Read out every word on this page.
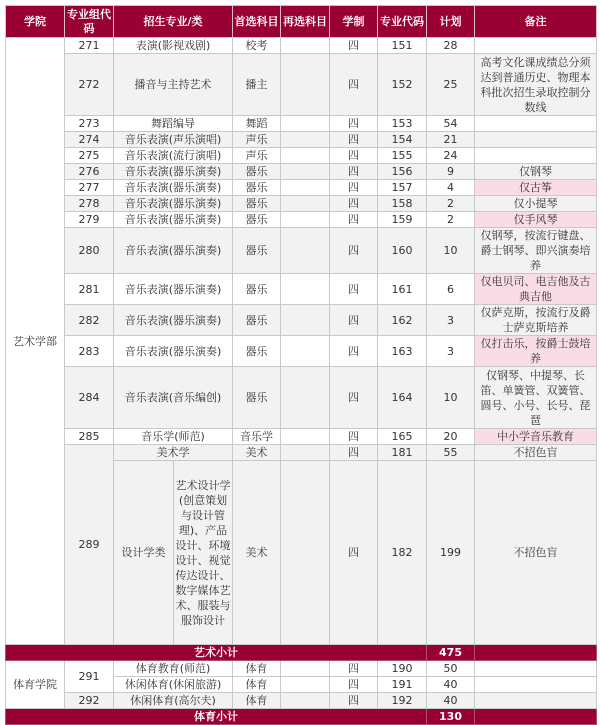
学院	专业组代码	招生专业/类		首选科目	再选科目	学制	专业代码	计划	备注
艺术学部	271	表演(影视戏剧)		校考		四	151	28	
	272	播音与主持艺术		播主		四	152	25	高考文化课成绩总分须达到普通历史、物理本科批次招生录取控制分数线
	273	舞蹈编导		舞蹈		四	153	54	
	274	音乐表演(声乐演唱)		声乐		四	154	21	
	275	音乐表演(流行演唱)		声乐		四	155	24	
	276	音乐表演(器乐演奏)		器乐		四	156	9	仅钢琴
	277	音乐表演(器乐演奏)		器乐		四	157	4	仅古筝
	278	音乐表演(器乐演奏)		器乐		四	158	2	仅小提琴
	279	音乐表演(器乐演奏)		器乐		四	159	2	仅手风琴
	280	音乐表演(器乐演奏)		器乐		四	160	10	仅钢琴，按流行键盘、爵士钢琴、即兴演奏培养
	281	音乐表演(器乐演奏)		器乐		四	161	6	仅电贝司、电吉他及古典吉他
	282	音乐表演(器乐演奏)		器乐		四	162	3	仅萨克斯，按流行及爵士萨克斯培养
	283	音乐表演(器乐演奏)		器乐		四	163	3	仅打击乐，按爵士鼓培养
	284	音乐表演(音乐编创)		器乐		四	164	10	仅钢琴、中提琴、长笛、单簧管、双簧管、圆号、小号、长号、琵琶
	285	音乐学(师范)		音乐学		四	165	20	中小学音乐教育
	289	美术学		美术		四	181	55	不招色盲
		设计学类	艺术设计学(创意策划与设计管理)、产品设计、环境设计、视觉传达设计、数字媒体艺术、服装与服饰设计	美术		四	182	199	不招色盲
艺术小计								475	
体育学院	291	体育教育(师范)		体育		四	190	50	
		休闲体育(休闲旅游)		体育		四	191	40	
	292	休闲体育(高尔夫)		体育		四	192	40	
体育小计								130	
